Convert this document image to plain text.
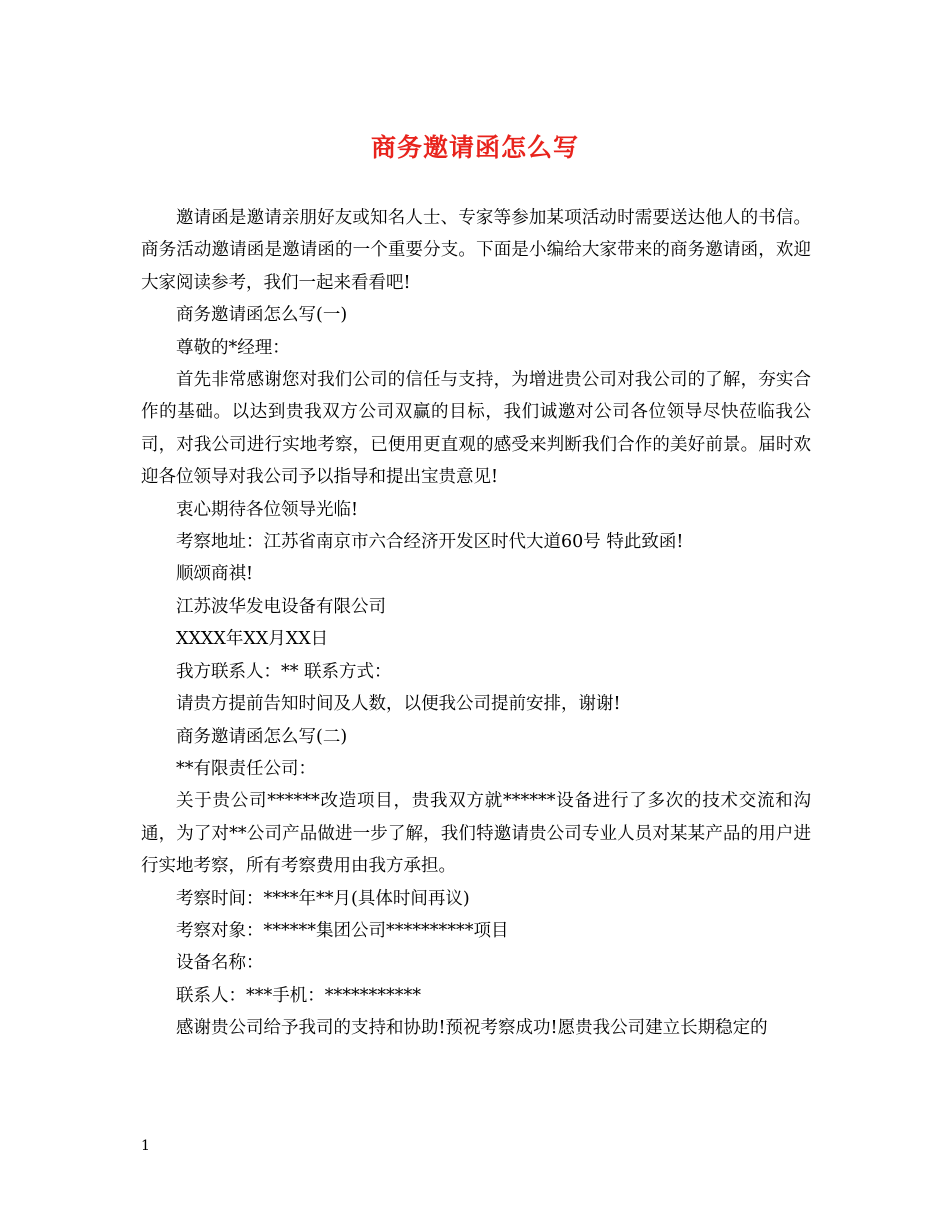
商务邀请函怎么写

邀请函是邀请亲朋好友或知名人士、专家等参加某项活动时需要送达他人的书信。商务活动邀请函是邀请函的一个重要分支。下面是小编给大家带来的商务邀请函，欢迎大家阅读参考，我们一起来看看吧!

商务邀请函怎么写(一)

尊敬的*经理：

首先非常感谢您对我们公司的信任与支持，为增进贵公司对我公司的了解，夯实合作的基础。以达到贵我双方公司双赢的目标，我们诚邀对公司各位领导尽快莅临我公司，对我公司进行实地考察，已便用更直观的感受来判断我们合作的美好前景。届时欢迎各位领导对我公司予以指导和提出宝贵意见!

衷心期待各位领导光临!

考察地址：江苏省南京市六合经济开发区时代大道60号 特此致函!

顺颂商祺!

江苏波华发电设备有限公司

XXXX年XX月XX日

我方联系人：** 联系方式：

请贵方提前告知时间及人数，以便我公司提前安排，谢谢!

商务邀请函怎么写(二)

**有限责任公司：

关于贵公司******改造项目，贵我双方就******设备进行了多次的技术交流和沟通，为了对**公司产品做进一步了解，我们特邀请贵公司专业人员对某某产品的用户进行实地考察，所有考察费用由我方承担。

考察时间：****年**月(具体时间再议)

考察对象：******集团公司**********项目

设备名称：

联系人：***手机：***********

感谢贵公司给予我司的支持和协助!预祝考察成功!愿贵我公司建立长期稳定的

1
